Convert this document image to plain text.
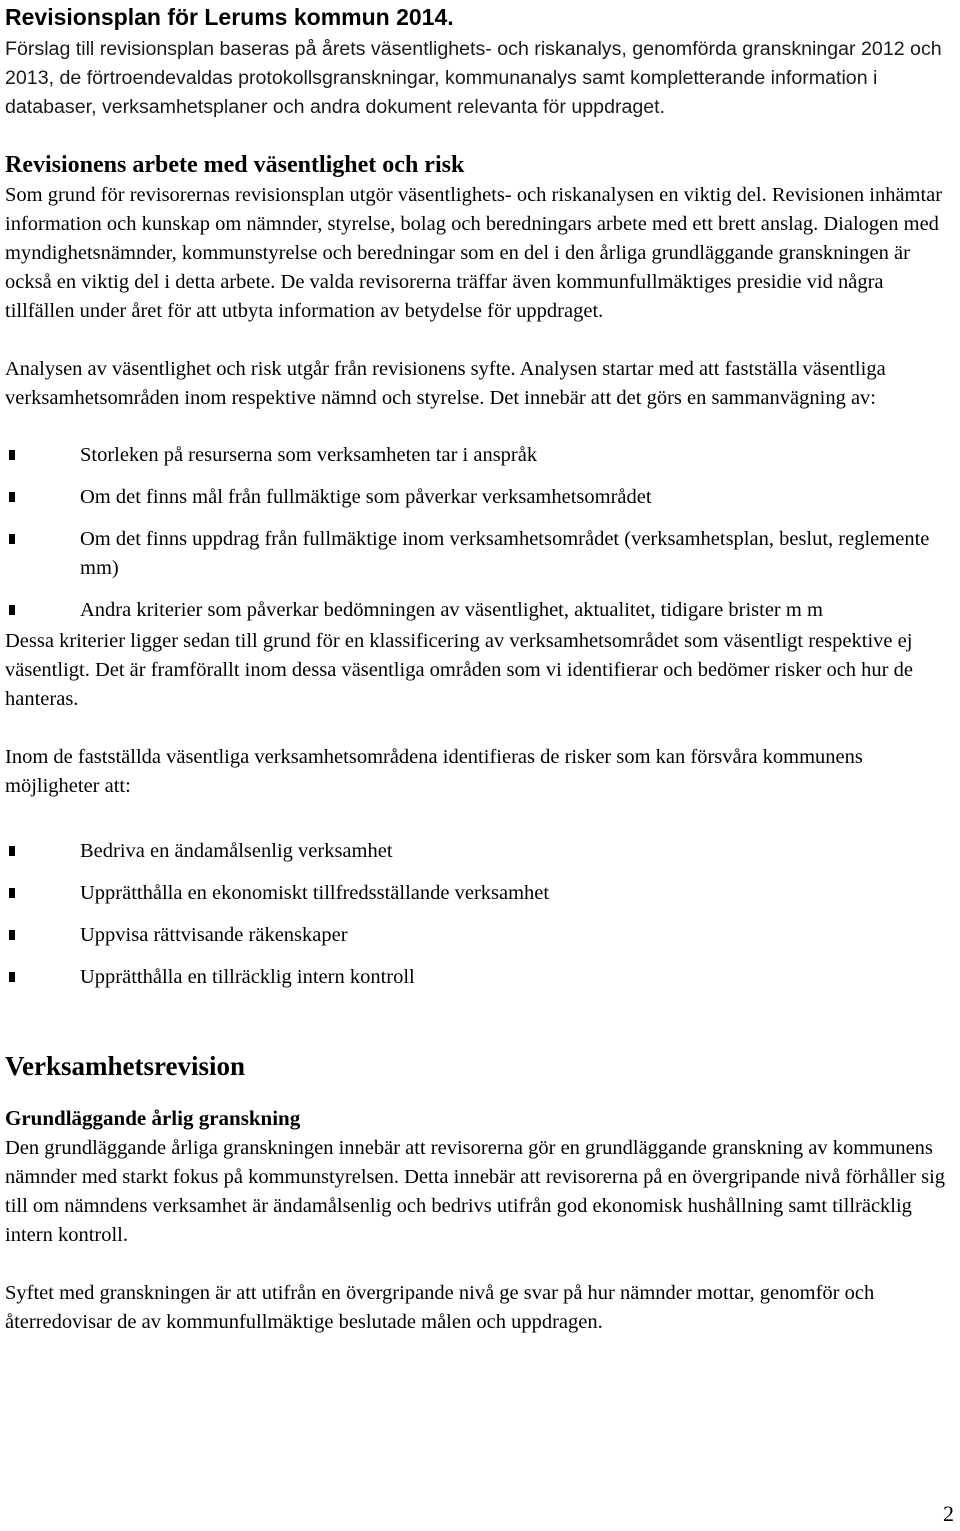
Revisionsplan för Lerums kommun 2014.

Förslag till revisionsplan baseras på årets väsentlighets- och riskanalys, genomförda granskningar 2012 och 2013, de förtroendevaldas protokollsgranskningar, kommunanalys samt kompletterande information i databaser, verksamhetsplaner och andra dokument relevanta för uppdraget.

Revisionens arbete med väsentlighet och risk

Som grund för revisorernas revisionsplan utgör väsentlighets- och riskanalysen en viktig del. Revisionen inhämtar information och kunskap om nämnder, styrelse, bolag och beredningars arbete med ett brett anslag. Dialogen med myndighetsnämnder, kommunstyrelse och beredningar som en del i den årliga grundläggande granskningen är också en viktig del i detta arbete. De valda revisorerna träffar även kommunfullmäktiges presidie vid några tillfällen under året för att utbyta information av betydelse för uppdraget.

Analysen av väsentlighet och risk utgår från revisionens syfte. Analysen startar med att fastställa väsentliga verksamhetsområden inom respektive nämnd och styrelse. Det innebär att det görs en sammanvägning av:

Storleken på resurserna som verksamheten tar i anspråk
Om det finns mål från fullmäktige som påverkar verksamhetsområdet
Om det finns uppdrag från fullmäktige inom verksamhetsområdet (verksamhetsplan, beslut, reglemente mm)
Andra kriterier som påverkar bedömningen av väsentlighet, aktualitet, tidigare brister m m

Dessa kriterier ligger sedan till grund för en klassificering av verksamhetsområdet som väsentligt respektive ej väsentligt. Det är framförallt inom dessa väsentliga områden som vi identifierar och bedömer risker och hur de hanteras.

Inom de fastställda väsentliga verksamhetsområdena identifieras de risker som kan försvåra kommunens möjligheter att:

Bedriva en ändamålsenlig verksamhet
Upprätthålla en ekonomiskt tillfredsställande verksamhet
Uppvisa rättvisande räkenskaper
Upprätthålla en tillräcklig intern kontroll
Verksamhetsrevision
Grundläggande årlig granskning

Den grundläggande årliga granskningen innebär att revisorerna gör en grundläggande granskning av kommunens nämnder med starkt fokus på kommunstyrelsen. Detta innebär att revisorerna på en övergripande nivå förhåller sig till om nämndens verksamhet är ändamålsenlig och bedrivs utifrån god ekonomisk hushållning samt tillräcklig intern kontroll.

Syftet med granskningen är att utifrån en övergripande nivå ge svar på hur nämnder mottar, genomför och återredovisar de av kommunfullmäktige beslutade målen och uppdragen.

2
